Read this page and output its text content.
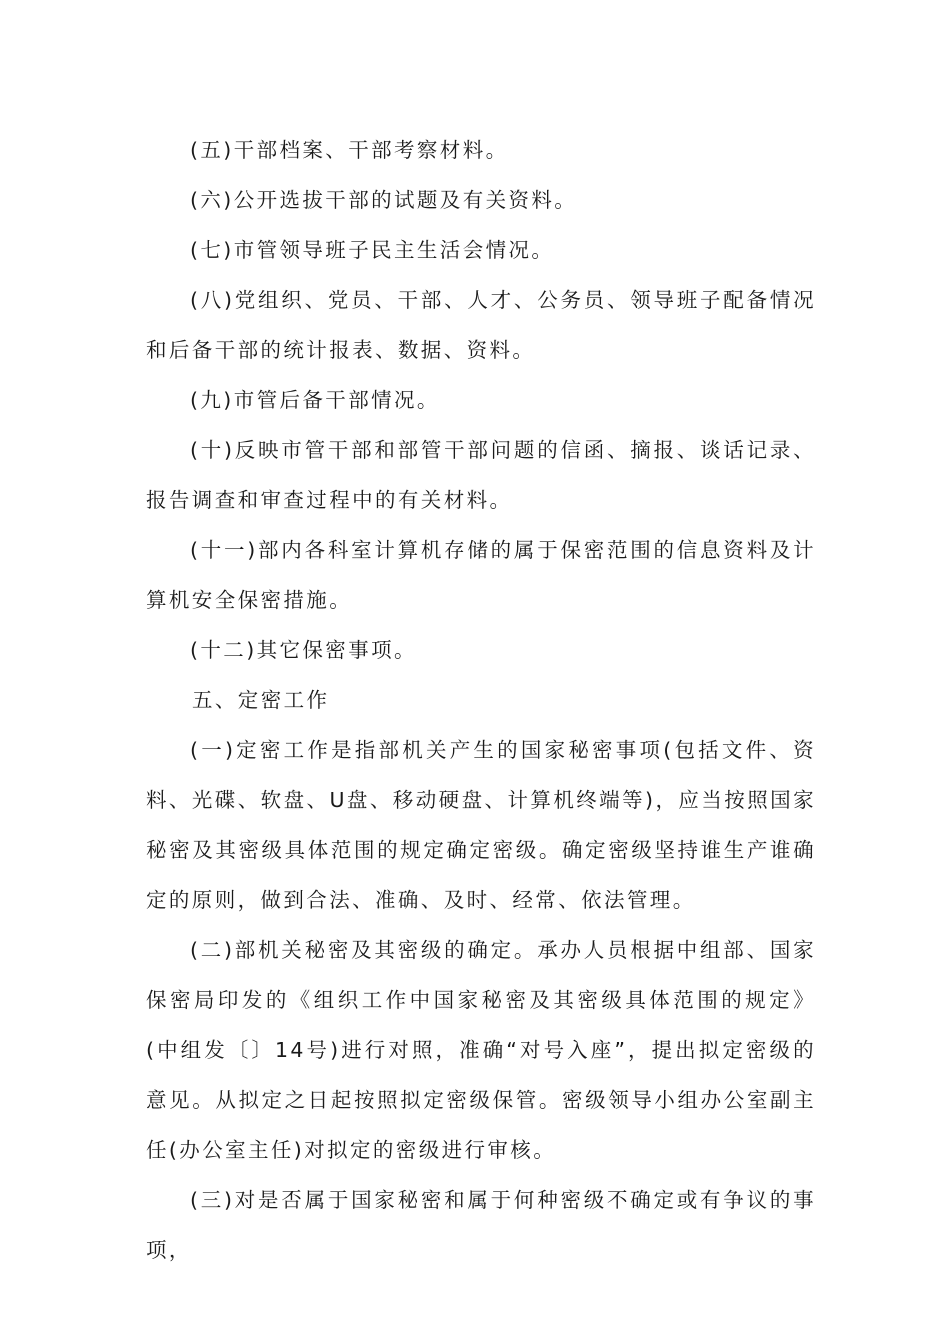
(五)干部档案、干部考察材料。

(六)公开选拔干部的试题及有关资料。

(七)市管领导班子民主生活会情况。

(八)党组织、党员、干部、人才、公务员、领导班子配备情况和后备干部的统计报表、数据、资料。

(九)市管后备干部情况。

(十)反映市管干部和部管干部问题的信函、摘报、谈话记录、报告调查和审查过程中的有关材料。

(十一)部内各科室计算机存储的属于保密范围的信息资料及计算机安全保密措施。

(十二)其它保密事项。

五、定密工作

(一)定密工作是指部机关产生的国家秘密事项(包括文件、资料、光碟、软盘、U盘、移动硬盘、计算机终端等)，应当按照国家秘密及其密级具体范围的规定确定密级。确定密级坚持谁生产谁确定的原则，做到合法、准确、及时、经常、依法管理。

(二)部机关秘密及其密级的确定。承办人员根据中组部、国家保密局印发的《组织工作中国家秘密及其密级具体范围的规定》(中组发〔〕14号)进行对照，准确“对号入座”，提出拟定密级的意见。从拟定之日起按照拟定密级保管。密级领导小组办公室副主任(办公室主任)对拟定的密级进行审核。

(三)对是否属于国家秘密和属于何种密级不确定或有争议的事项，
